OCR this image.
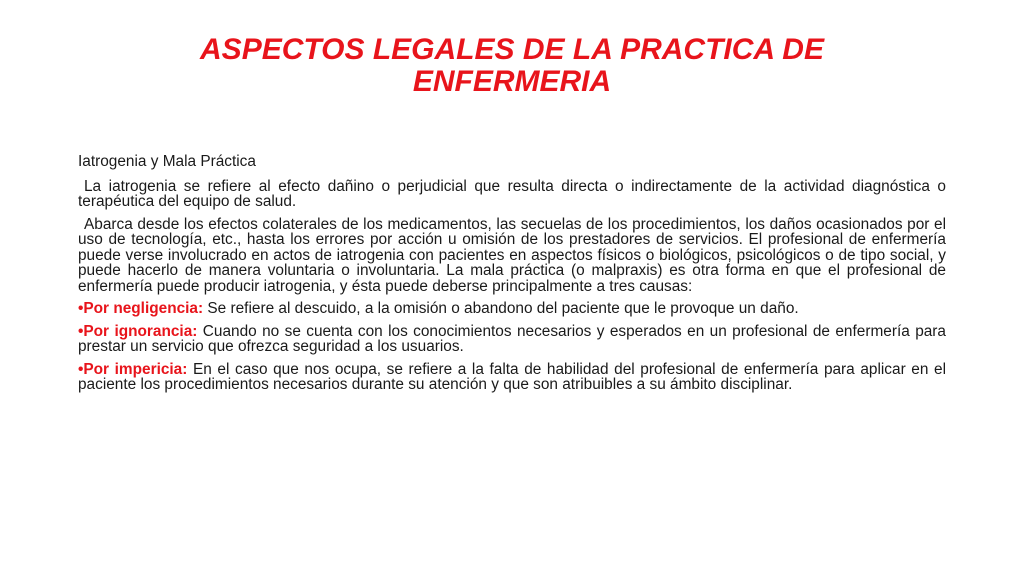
ASPECTOS LEGALES DE LA PRACTICA DE
ENFERMERIA

Iatrogenia y Mala Práctica

La iatrogenia se refiere al efecto dañino o perjudicial que resulta directa o indirectamente de la actividad diagnóstica o terapéutica del equipo de salud.

Abarca desde los efectos colaterales de los medicamentos, las secuelas de los procedimientos, los daños ocasionados por el uso de tecnología, etc., hasta los errores por acción u omisión de los prestadores de servicios. El profesional de enfermería puede verse involucrado en actos de iatrogenia con pacientes en aspectos físicos o biológicos, psicológicos o de tipo social, y puede hacerlo de manera voluntaria o involuntaria. La mala práctica (o malpraxis) es otra forma en que el profesional de enfermería puede producir iatrogenia, y ésta puede deberse principalmente a tres causas:

•Por negligencia: Se refiere al descuido, a la omisión o abandono del paciente que le provoque un daño.

•Por ignorancia: Cuando no se cuenta con los conocimientos necesarios y esperados en un profesional de enfermería para prestar un servicio que ofrezca seguridad a los usuarios.

•Por impericia: En el caso que nos ocupa, se refiere a la falta de habilidad del profesional de enfermería para aplicar en el paciente los procedimientos necesarios durante su atención y que son atribuibles a su ámbito disciplinar.
